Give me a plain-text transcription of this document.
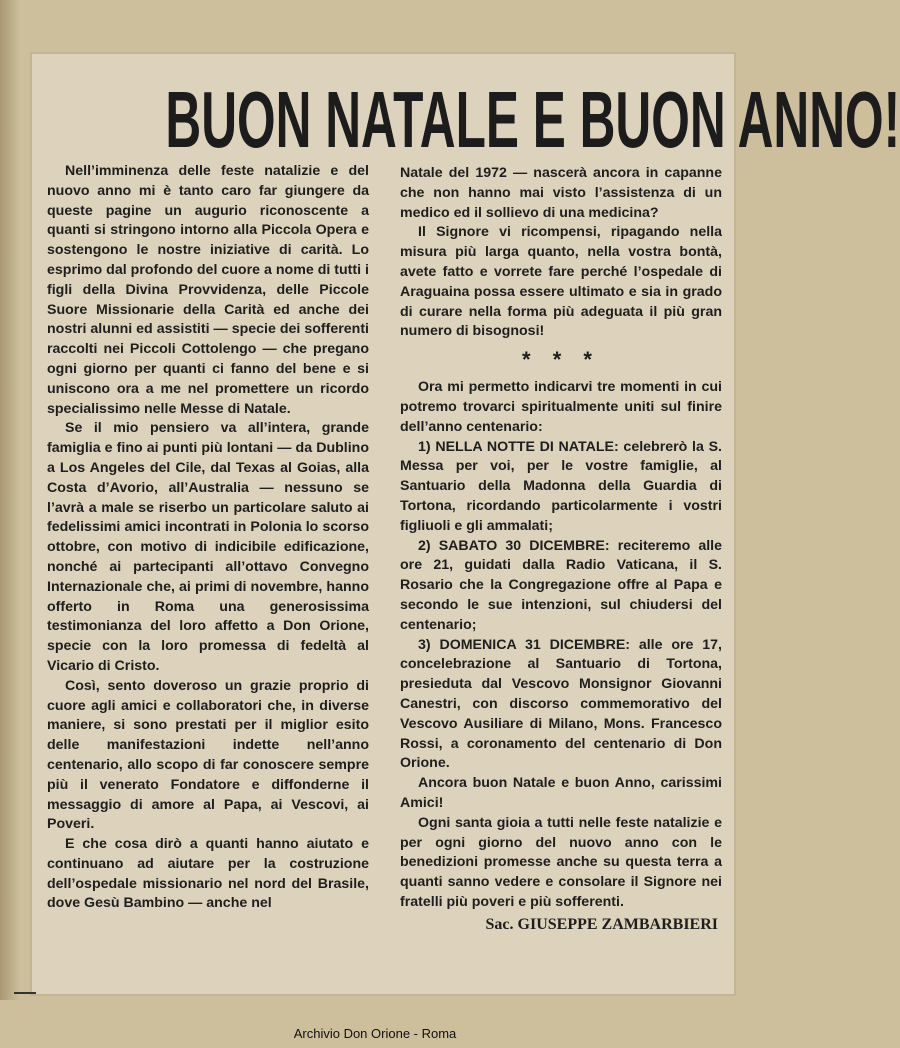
BUON NATALE E BUON ANNO!

Nell’imminenza delle feste natalizie e del nuovo anno mi è tanto caro far giungere da queste pagine un augurio riconoscente a quanti si stringono intorno alla Piccola Opera e sostengono le nostre iniziative di carità. Lo esprimo dal profondo del cuore a nome di tutti i figli della Divina Provvidenza, delle Piccole Suore Missionarie della Carità ed anche dei nostri alunni ed assistiti — specie dei sofferenti raccolti nei Piccoli Cottolengo — che pregano ogni giorno per quanti ci fanno del bene e si uniscono ora a me nel promettere un ricordo specialissimo nelle Messe di Natale.

Se il mio pensiero va all’intera, grande famiglia e fino ai punti più lontani — da Dublino a Los Angeles del Cile, dal Texas al Goias, alla Costa d’Avorio, all’Australia — nessuno se l’avrà a male se riserbo un particolare saluto ai fedelissimi amici incontrati in Polonia lo scorso ottobre, con motivo di indicibile edificazione, nonché ai partecipanti all’ottavo Convegno Internazionale che, ai primi di novembre, hanno offerto in Roma una generosissima testimonianza del loro affetto a Don Orione, specie con la loro promessa di fedeltà al Vicario di Cristo.

Così, sento doveroso un grazie proprio di cuore agli amici e collaboratori che, in diverse maniere, si sono prestati per il miglior esito delle manifestazioni indette nell’anno centenario, allo scopo di far conoscere sempre più il venerato Fondatore e diffonderne il messaggio di amore al Papa, ai Vescovi, ai Poveri.

E che cosa dirò a quanti hanno aiutato e continuano ad aiutare per la costruzione dell’ospedale missionario nel nord del Brasile, dove Gesù Bambino — anche nel

Natale del 1972 — nascerà ancora in capanne che non hanno mai visto l’assistenza di un medico ed il sollievo di una medicina?

Il Signore vi ricompensi, ripagando nella misura più larga quanto, nella vostra bontà, avete fatto e vorrete fare perché l’ospedale di Araguaina possa essere ultimato e sia in grado di curare nella forma più adeguata il più gran numero di bisognosi!

* * *

Ora mi permetto indicarvi tre momenti in cui potremo trovarci spiritualmente uniti sul finire dell’anno centenario:

1) NELLA NOTTE DI NATALE: celebrerò la S. Messa per voi, per le vostre famiglie, al Santuario della Madonna della Guardia di Tortona, ricordando particolarmente i vostri figliuoli e gli ammalati;

2) SABATO 30 DICEMBRE: reciteremo alle ore 21, guidati dalla Radio Vaticana, il S. Rosario che la Congregazione offre al Papa e secondo le sue intenzioni, sul chiudersi del centenario;

3) DOMENICA 31 DICEMBRE: alle ore 17, concelebrazione al Santuario di Tortona, presieduta dal Vescovo Monsignor Giovanni Canestri, con discorso commemorativo del Vescovo Ausiliare di Milano, Mons. Francesco Rossi, a coronamento del centenario di Don Orione.

Ancora buon Natale e buon Anno, carissimi Amici!

Ogni santa gioia a tutti nelle feste natalizie e per ogni giorno del nuovo anno con le benedizioni promesse anche su questa terra a quanti sanno vedere e consolare il Signore nei fratelli più poveri e più sofferenti.

Sac. GIUSEPPE ZAMBARBIERI
Archivio Don Orione - Roma
